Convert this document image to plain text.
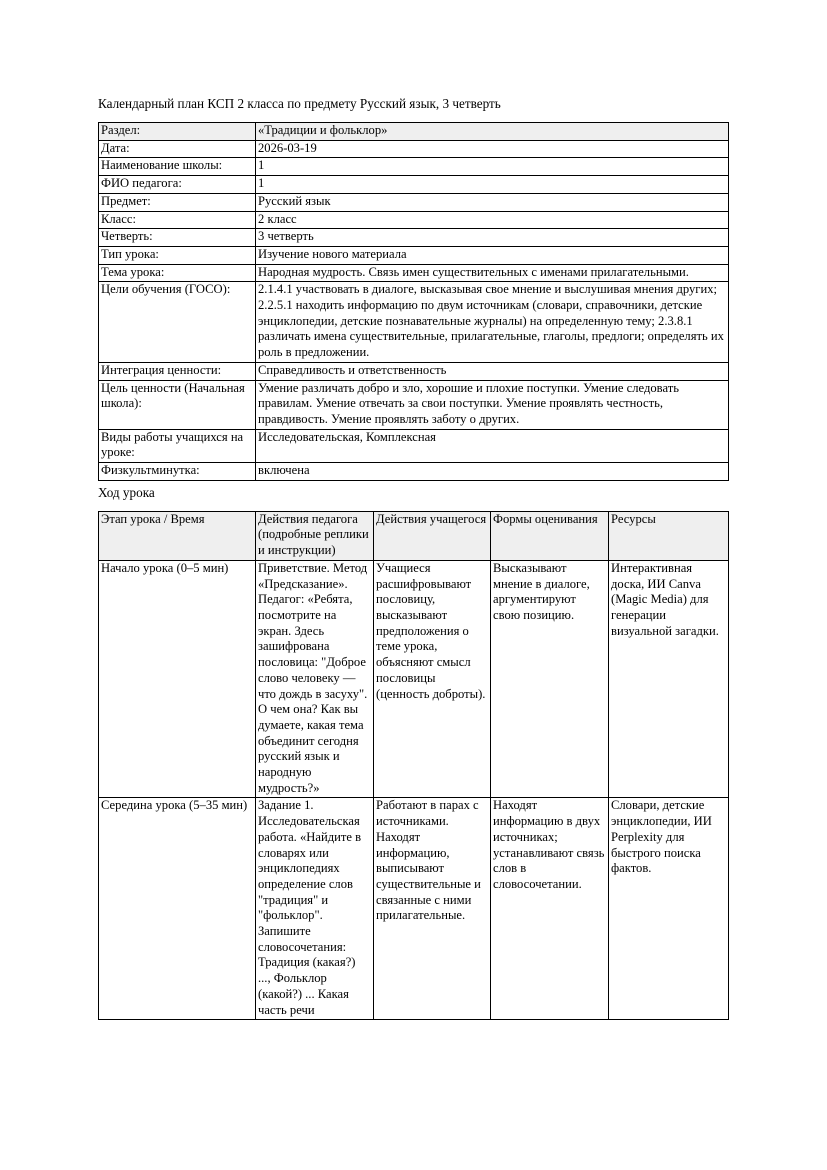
Календарный план КСП 2 класса по предмету Русский язык, 3 четверть

Раздел:	«Традиции и фольклор»
Дата:	2026-03-19
Наименование школы:	1
ФИО педагога:	1
Предмет:	Русский язык
Класс:	2 класс
Четверть:	3 четверть
Тип урока:	Изучение нового материала
Тема урока:	Народная мудрость. Связь имен существительных с именами прилагательными.
Цели обучения (ГОСО):	2.1.4.1 участвовать в диалоге, высказывая свое мнение и выслушивая мнения других; 2.2.5.1 находить информацию по двум источникам (словари, справочники, детские энциклопедии, детские познавательные журналы) на определенную тему; 2.3.8.1 различать имена существительные, прилагательные, глаголы, предлоги; определять их роль в предложении.
Интеграция ценности:	Справедливость и ответственность
Цель ценности (Начальная школа):	Умение различать добро и зло, хорошие и плохие поступки. Умение следовать правилам. Умение отвечать за свои поступки. Умение проявлять честность, правдивость. Умение проявлять заботу о других.
Виды работы учащихся на уроке:	Исследовательская, Комплексная
Физкультминутка:	включена

Ход урока

Этап урока / Время	Действия педагога (подробные реплики и инструкции)	Действия учащегося	Формы оценивания	Ресурсы
Начало урока (0–5 мин)	Приветствие. Метод «Предсказание». Педагог: «Ребята, посмотрите на экран. Здесь зашифрована пословица: "Доброе слово человеку — что дождь в засуху". О чем она? Как вы думаете, какая тема объединит сегодня русский язык и народную мудрость?»	Учащиеся расшифровывают пословицу, высказывают предположения о теме урока, объясняют смысл пословицы (ценность доброты).	Высказывают мнение в диалоге, аргументируют свою позицию.	Интерактивная доска, ИИ Canva (Magic Media) для генерации визуальной загадки.

Середина урока (5–35 мин)	Задание 1. Исследовательская работа. «Найдите в словарях или энциклопедиях определение слов "традиция" и "фольклор". Запишите словосочетания: Традиция (какая?) ..., Фольклор (какой?) ... Какая часть речи	Работают в парах с источниками. Находят информацию, выписывают существительные и связанные с ними прилагательные.	Находят информацию в двух источниках; устанавливают связь слов в словосочетании.	Словари, детские энциклопедии, ИИ Perplexity для быстрого поиска фактов.
